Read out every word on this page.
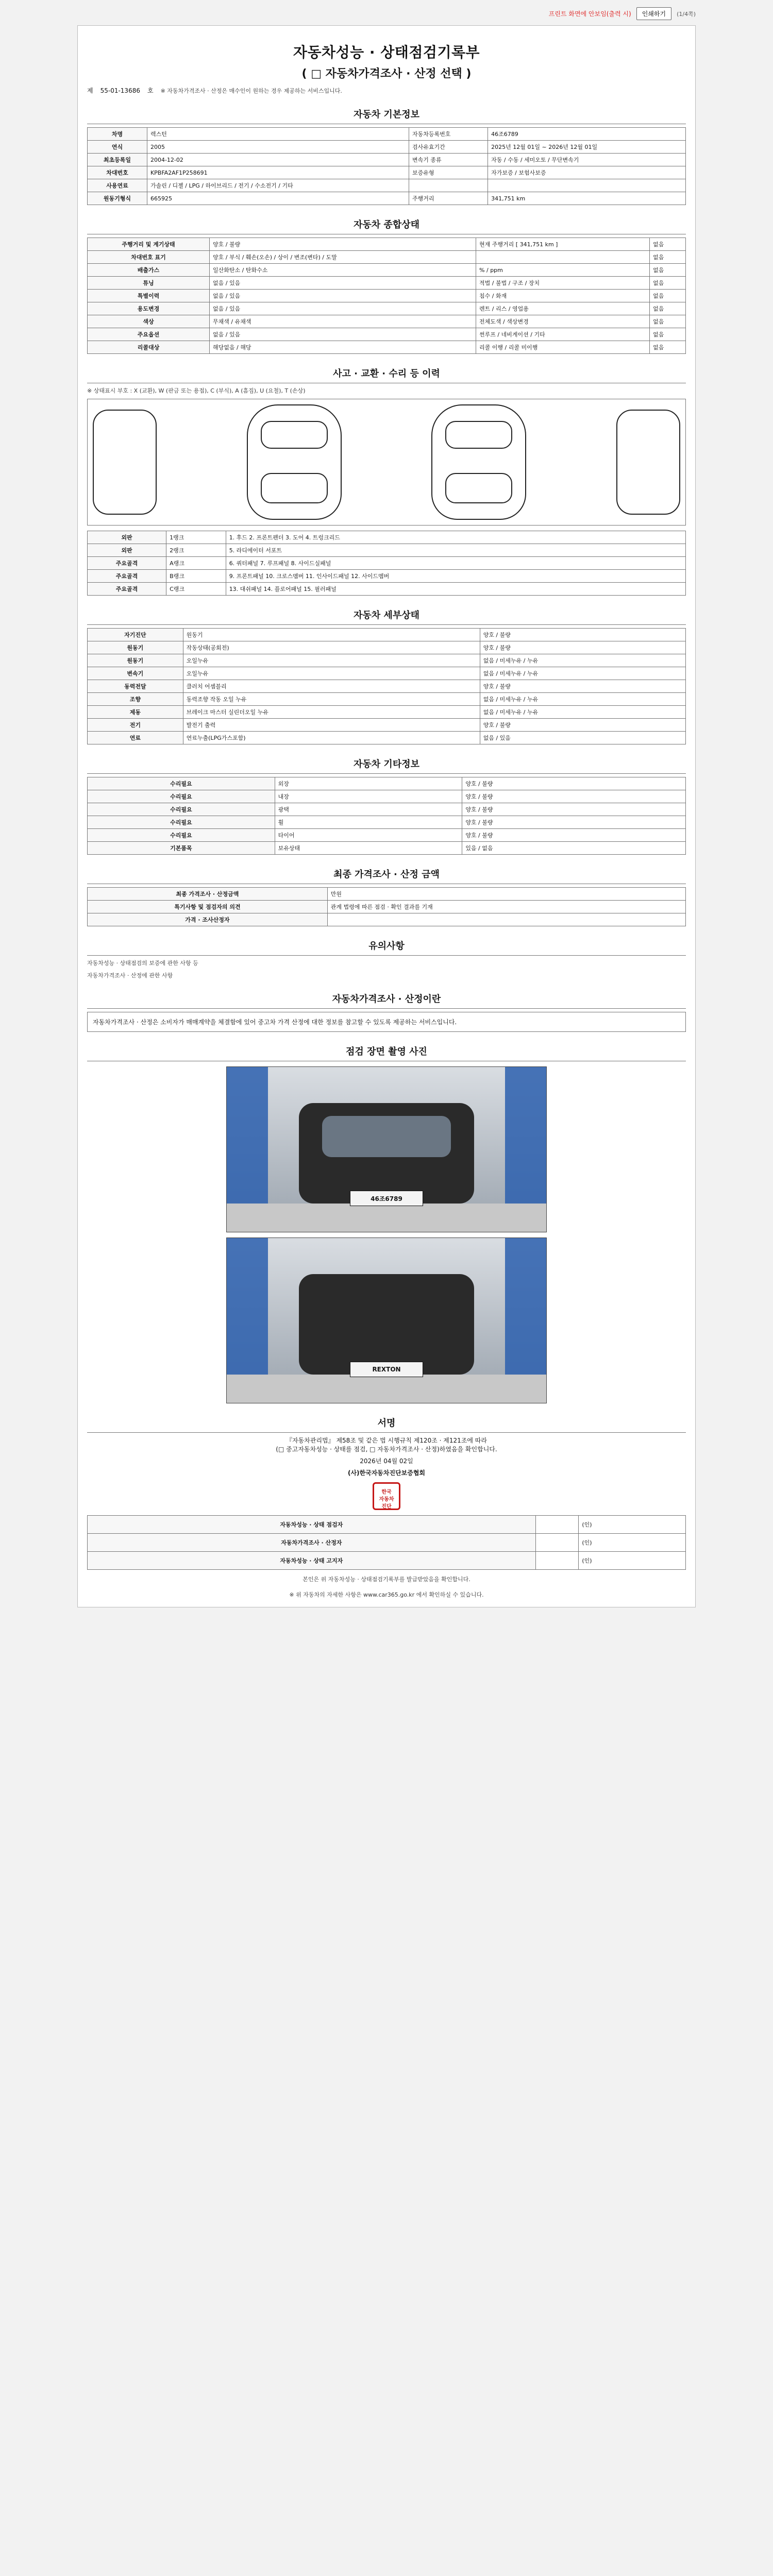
프린트 화면에 안보임(출력 시)	인쇄하기	(1/4쪽)
자동차성능 · 상태점검기록부
( □ 자동차가격조사 · 산정 선택 )
제 55-01-13686 호 ※ 자동차가격조사 · 산정은 매수인이 원하는 경우 제공하는 서비스입니다.
자동차 기본정보
차명	렉스턴	자동차등록번호	46조6789
연식	2005	검사유효기간	2025년 12월 01일 ~ 2026년 12월 01일
최초등록일	2004-12-02	변속기 종류	자동 / 수동 / 세미오토 / 무단변속기
차대번호	KPBFA2AF1P258691	보증유형	자가보증 / 보험사보증
사용연료	가솔린 / 디젤 / LPG / 하이브리드 / 전기 / 수소전기 / 기타		
원동기형식	665925	주행거리	341,751 km
자동차 종합상태
주행거리 및 계기상태	양호 / 불량	현재 주행거리 [ 341,751 km ]	없음
차대번호 표기	양호 / 부식 / 훼손(오손) / 상이 / 변조(변타) / 도말		없음
배출가스	일산화탄소 / 탄화수소	% / ppm	없음
튜닝	없음 / 있음	적법 / 불법 / 구조 / 장치	없음
특별이력	없음 / 있음	침수 / 화재	없음
용도변경	없음 / 있음	렌트 / 리스 / 영업용	없음
색상	무채색 / 유채색	전체도색 / 색상변경	없음
주요옵션	없음 / 있음	썬루프 / 네비게이션 / 기타	없음
리콜대상	해당없음 / 해당	리콜 이행 / 리콜 미이행	없음
사고 · 교환 · 수리 등 이력
※ 상태표시 부호 : X (교환), W (판금 또는 용접), C (부식), A (흠집), U (요철), T (손상)
외판	1랭크	1. 후드 2. 프론트펜더 3. 도어 4. 트렁크리드
외판	2랭크	5. 라디에이터 서포트
주요골격	A랭크	6. 쿼터패널 7. 루프패널 8. 사이드실패널
주요골격	B랭크	9. 프론트패널 10. 크로스멤버 11. 인사이드패널 12. 사이드멤버
주요골격	C랭크	13. 대쉬패널 14. 플로어패널 15. 필러패널
자동차 세부상태
자기진단	원동기	양호 / 불량
원동기	작동상태(공회전)	양호 / 불량
원동기	오일누유	없음 / 미세누유 / 누유
변속기	오일누유	없음 / 미세누유 / 누유
동력전달	클러치 어셈블리	양호 / 불량
조향	동력조향 작동 오일 누유	없음 / 미세누유 / 누유
제동	브레이크 마스터 실린더오일 누유	없음 / 미세누유 / 누유
전기	발전기 출력	양호 / 불량
연료	연료누출(LPG가스포함)	없음 / 있음
자동차 기타정보
수리필요	외장	양호 / 불량
수리필요	내장	양호 / 불량
수리필요	광택	양호 / 불량
수리필요	휠	양호 / 불량
수리필요	타이어	양호 / 불량
기본품목	보유상태	있음 / 없음
최종 가격조사 · 산정 금액
최종 가격조사 · 산정금액	만원
특기사항 및 점검자의 의견	관계 법령에 따른 점검 · 확인 결과를 기재
가격 · 조사산정자	
유의사항
자동차성능 · 상태점검의 보증에 관한 사항 등
자동차가격조사 · 산정에 관한 사항
자동차가격조사 · 산정이란
자동차가격조사 · 산정은 소비자가 매매계약을 체결함에 있어 중고차 가격 산정에 대한 정보를 참고할 수 있도록 제공하는 서비스입니다.
점검 장면 촬영 사진
46조6789
REXTON
서명
『자동차관리법』 제58조 및 같은 법 시행규칙 제120조 · 제121조에 따라
(□ 중고자동차성능 · 상태를 점검, □ 자동차가격조사 · 산정)하였음을 확인합니다.
2026년 04월 02일
(사)한국자동차진단보증협회
한국
자동차
진단
자동차성능 · 상태 점검자		(인)
자동차가격조사 · 산정자		(인)
자동차성능 · 상태 고지자		(인)
본인은 위 자동차성능 · 상태점검기록부를 발급받았음을 확인합니다.
※ 위 자동차의 자세한 사항은 www.car365.go.kr 에서 확인하실 수 있습니다.
